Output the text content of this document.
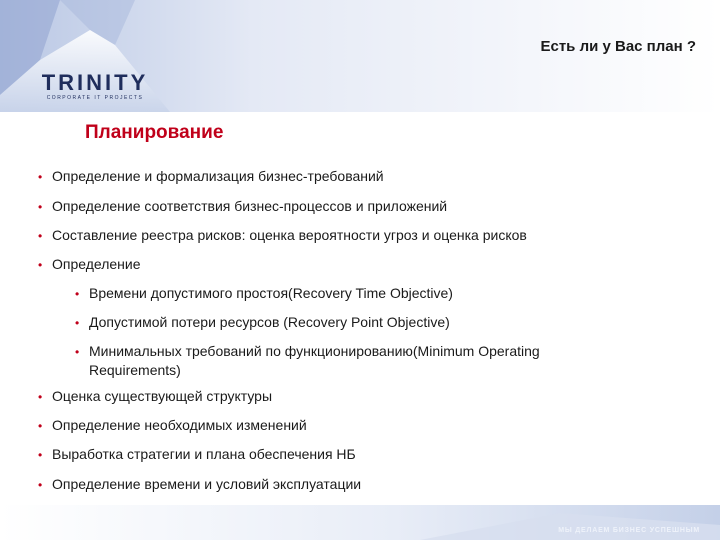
Есть ли у Вас план ?
TRINITY
CORPORATE IT PROJECTS
Планирование
• Определение и формализация бизнес-требований
• Определение соответствия бизнес-процессов и приложений
• Составление реестра рисков: оценка вероятности угроз и оценка рисков
• Определение
• Времени допустимого простоя(Recovery Time Objective)
• Допустимой потери ресурсов (Recovery Point Objective)
• Минимальных требований по функционированию(Minimum Operating
Requirements)
• Оценка существующей структуры
• Определение необходимых изменений
• Выработка стратегии и плана обеспечения НБ
• Определение времени и условий эксплуатации
МЫ ДЕЛАЕМ БИЗНЕС УСПЕШНЫМ
